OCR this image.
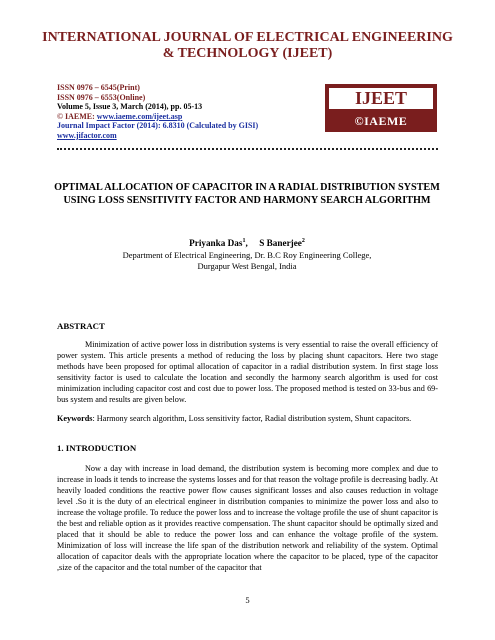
INTERNATIONAL JOURNAL OF ELECTRICAL ENGINEERING & TECHNOLOGY (IJEET)
ISSN 0976 – 6545(Print)
ISSN 0976 – 6553(Online)
Volume 5, Issue 3, March (2014), pp. 05-13
© IAEME: www.iaeme.com/ijeet.asp
Journal Impact Factor (2014): 6.8310 (Calculated by GISI)
www.jifactor.com
IJEET
©IAEME
OPTIMAL ALLOCATION OF CAPACITOR IN A RADIAL DISTRIBUTION SYSTEM USING LOSS SENSITIVITY FACTOR AND HARMONY SEARCH ALGORITHM
Priyanka Das$^1$,     S Banerjee$^2$
Department of Electrical Engineering, Dr. B.C Roy Engineering College,
Durgapur West Bengal, India
ABSTRACT
Minimization of active power loss in distribution systems is very essential to raise the overall efficiency of power system. This article presents a method of reducing the loss by placing shunt capacitors. Here two stage methods have been proposed for optimal allocation of capacitor in a radial distribution system. In first stage loss sensitivity factor is used to calculate the location and secondly the harmony search algorithm is used for cost minimization including capacitor cost and cost due to power loss. The proposed method is tested on 33-bus and 69-bus system and results are given below.
Keywords: Harmony search algorithm, Loss sensitivity factor, Radial distribution system, Shunt capacitors.
1. INTRODUCTION
Now a day with increase in load demand, the distribution system is becoming more complex and due to increase in loads it tends to increase the systems losses and for that reason the voltage profile is decreasing badly. At heavily loaded conditions the reactive power flow causes significant losses and also causes reduction in voltage level .So it is the duty of an electrical engineer in distribution companies to minimize the power loss and also to increase the voltage profile. To reduce the power loss and to increase the voltage profile the use of shunt capacitor is the best and reliable option as it provides reactive compensation. The shunt capacitor should be optimally sized and placed that it should be able to reduce the power loss and can enhance the voltage profile of the system. Minimization of loss will increase the life span of the distribution network and reliability of the system. Optimal allocation of capacitor deals with the appropriate location where the capacitor to be placed, type of the capacitor ,size of the capacitor and the total number of the capacitor that
5
